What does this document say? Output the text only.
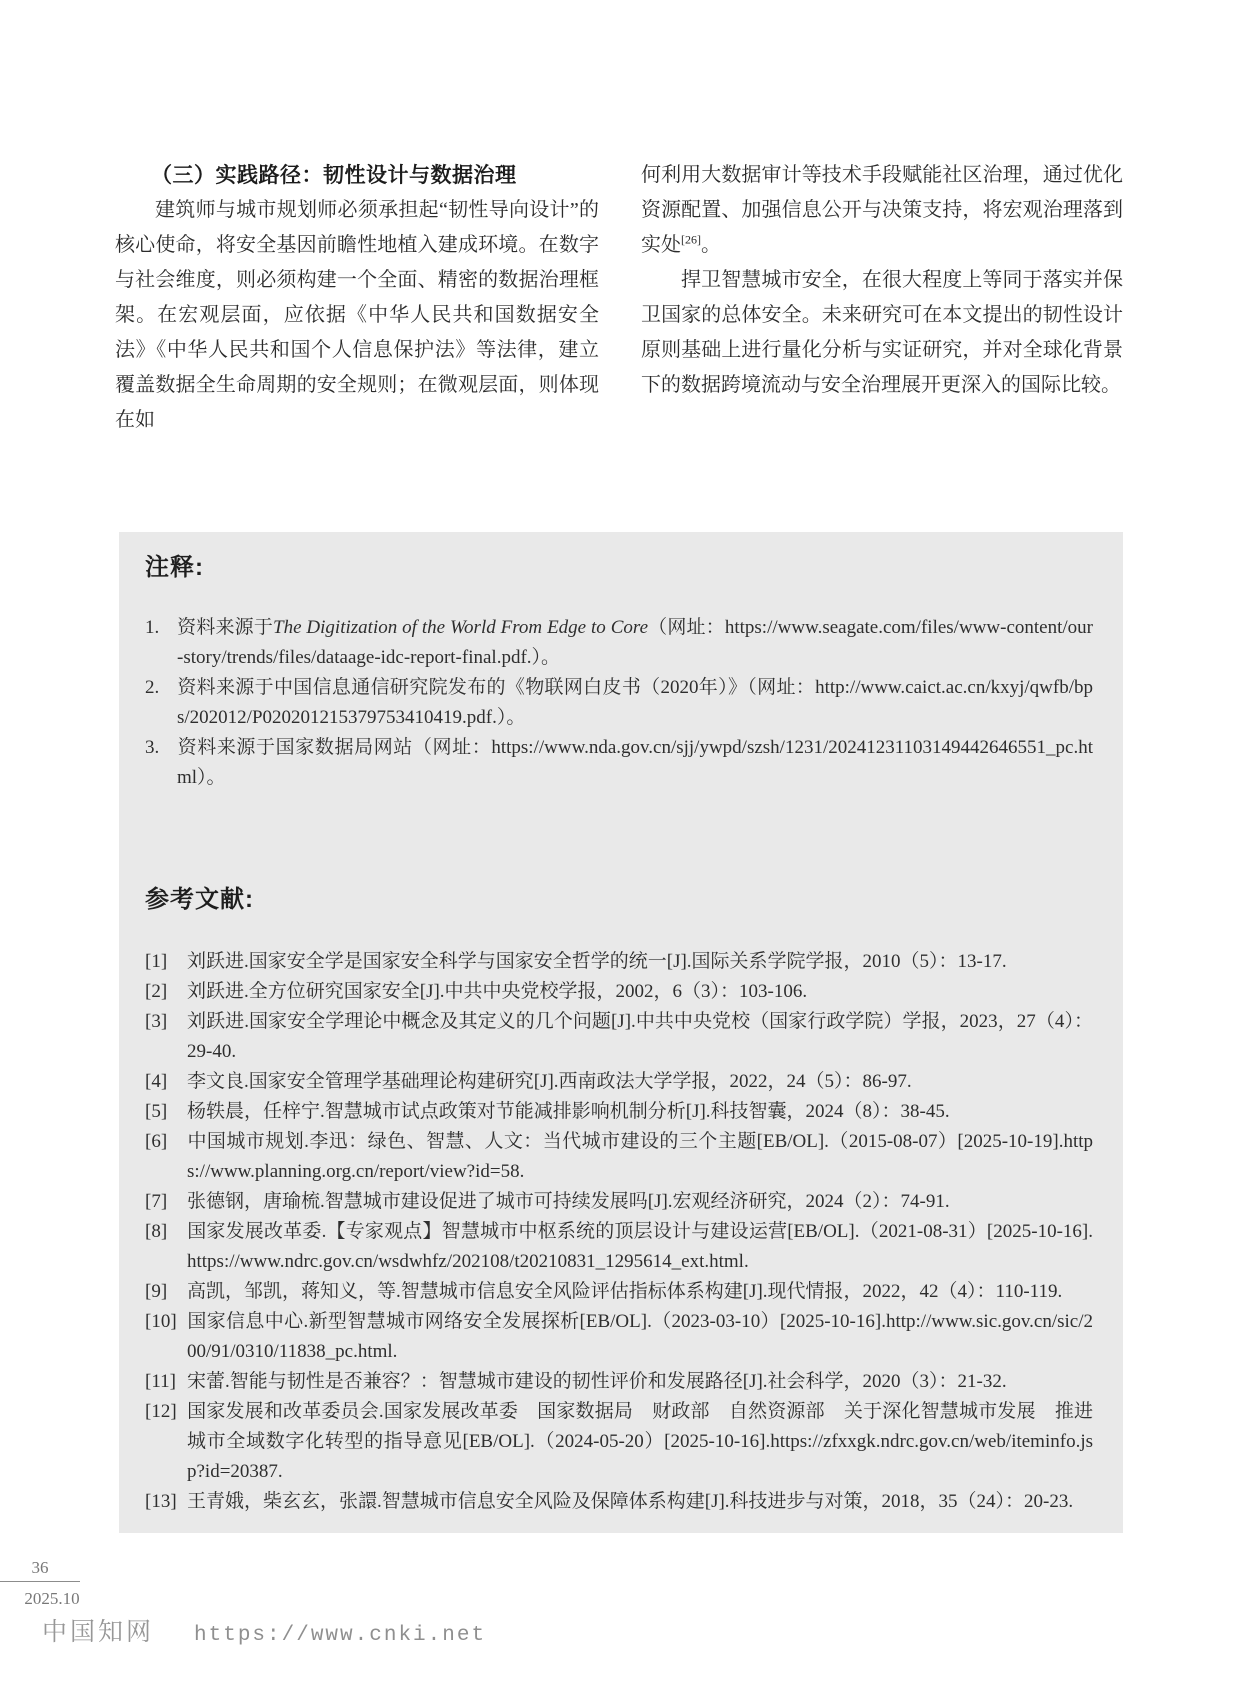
（三）实践路径：韧性设计与数据治理
建筑师与城市规划师必须承担起“韧性导向设计”的核心使命，将安全基因前瞻性地植入建成环境。在数字与社会维度，则必须构建一个全面、精密的数据治理框架。在宏观层面，应依据《中华人民共和国数据安全法》《中华人民共和国个人信息保护法》等法律，建立覆盖数据全生命周期的安全规则；在微观层面，则体现在如
何利用大数据审计等技术手段赋能社区治理，通过优化资源配置、加强信息公开与决策支持，将宏观治理落到实处[26]。
捍卫智慧城市安全，在很大程度上等同于落实并保卫国家的总体安全。未来研究可在本文提出的韧性设计原则基础上进行量化分析与实证研究，并对全球化背景下的数据跨境流动与安全治理展开更深入的国际比较。
注释:
1. 资料来源于The Digitization of the World From Edge to Core（网址：https://www.seagate.com/files/www-content/our-story/trends/files/dataage-idc-report-final.pdf.）。
2. 资料来源于中国信息通信研究院发布的《物联网白皮书（2020年）》（网址：http://www.caict.ac.cn/kxyj/qwfb/bps/202012/P020201215379753410419.pdf.）。
3. 资料来源于国家数据局网站（网址：https://www.nda.gov.cn/sjj/ywpd/szsh/1231/20241231103149442646551_pc.html）。
参考文献:
[1] 刘跃进.国家安全学是国家安全科学与国家安全哲学的统一[J].国际关系学院学报，2010（5）：13-17.
[2] 刘跃进.全方位研究国家安全[J].中共中央党校学报，2002，6（3）：103-106.
[3] 刘跃进.国家安全学理论中概念及其定义的几个问题[J].中共中央党校（国家行政学院）学报，2023，27（4）：29-40.
[4] 李文良.国家安全管理学基础理论构建研究[J].西南政法大学学报，2022，24（5）：86-97.
[5] 杨轶晨，任梓宁.智慧城市试点政策对节能减排影响机制分析[J].科技智囊，2024（8）：38-45.
[6] 中国城市规划.李迅：绿色、智慧、人文：当代城市建设的三个主题[EB/OL].（2015-08-07）[2025-10-19].https://www.planning.org.cn/report/view?id=58.
[7] 张德钢，唐瑜梳.智慧城市建设促进了城市可持续发展吗[J].宏观经济研究，2024（2）：74-91.
[8] 国家发展改革委.【专家观点】智慧城市中枢系统的顶层设计与建设运营[EB/OL].（2021-08-31）[2025-10-16].https://www.ndrc.gov.cn/wsdwhfz/202108/t20210831_1295614_ext.html.
[9] 高凯，邹凯，蒋知义，等.智慧城市信息安全风险评估指标体系构建[J].现代情报，2022，42（4）：110-119.
[10] 国家信息中心.新型智慧城市网络安全发展探析[EB/OL].（2023-03-10）[2025-10-16].http://www.sic.gov.cn/sic/200/91/0310/11838_pc.html.
[11] 宋蕾.智能与韧性是否兼容？：智慧城市建设的韧性评价和发展路径[J].社会科学，2020（3）：21-32.
[12] 国家发展和改革委员会.国家发展改革委　国家数据局　财政部　自然资源部　关于深化智慧城市发展　推进城市全域数字化转型的指导意见[EB/OL].（2024-05-20）[2025-10-16].https://zfxxgk.ndrc.gov.cn/web/iteminfo.jsp?id=20387.
[13] 王青娥，柴玄玄，张譞.智慧城市信息安全风险及保障体系构建[J].科技进步与对策，2018，35（24）：20-23.
36
2025.10
中国知网 https://www.cnki.net
